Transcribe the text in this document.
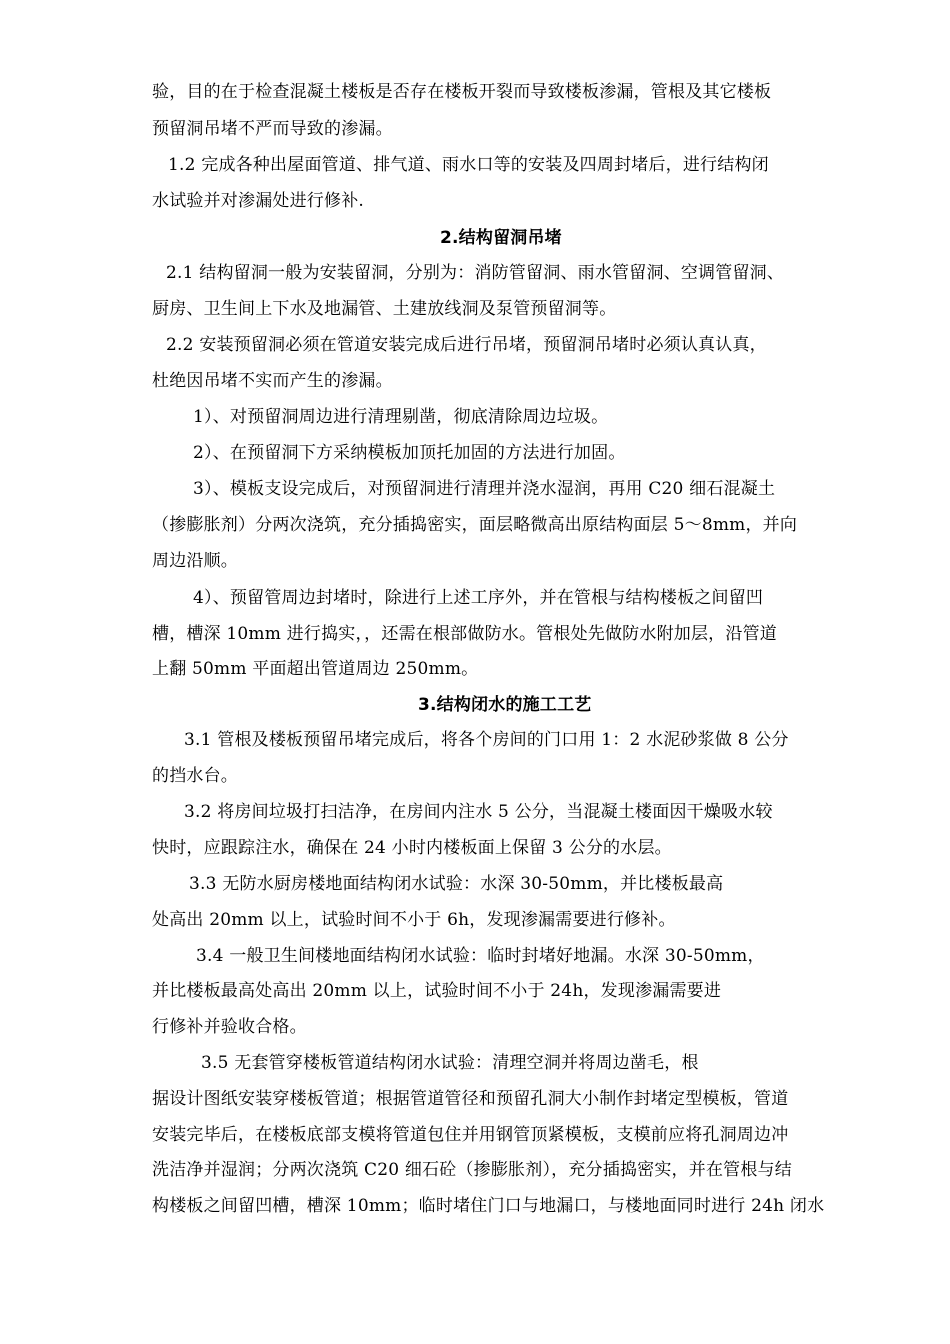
验，目的在于检查混凝土楼板是否存在楼板开裂而导致楼板渗漏，管根及其它楼板
预留洞吊堵不严而导致的渗漏。
1.2 完成各种出屋面管道、排气道、雨水口等的安装及四周封堵后，进行结构闭
水试验并对渗漏处进行修补.
2.结构留洞吊堵
2.1 结构留洞一般为安装留洞，分别为：消防管留洞、雨水管留洞、空调管留洞、
厨房、卫生间上下水及地漏管、土建放线洞及泵管预留洞等。
2.2 安装预留洞必须在管道安装完成后进行吊堵，预留洞吊堵时必须认真认真，
杜绝因吊堵不实而产生的渗漏。
1）、对预留洞周边进行清理剔凿，彻底清除周边垃圾。
2）、在预留洞下方采纳模板加顶托加固的方法进行加固。
3）、模板支设完成后，对预留洞进行清理并浇水湿润，再用 C20 细石混凝土
（掺膨胀剂）分两次浇筑，充分插捣密实，面层略微高出原结构面层 5～8mm，并向
周边沿顺。
4）、预留管周边封堵时，除进行上述工序外，并在管根与结构楼板之间留凹
槽，槽深 10mm 进行捣实，，还需在根部做防水。管根处先做防水附加层，沿管道
上翻 50mm 平面超出管道周边 250mm。
3.结构闭水的施工工艺
3.1 管根及楼板预留吊堵完成后，将各个房间的门口用 1：2 水泥砂浆做 8 公分
的挡水台。
3.2 将房间垃圾打扫洁净，在房间内注水 5 公分，当混凝土楼面因干燥吸水较
快时，应跟踪注水，确保在 24 小时内楼板面上保留 3 公分的水层。
3.3 无防水厨房楼地面结构闭水试验：水深 30-50mm，并比楼板最高
处高出 20mm 以上，试验时间不小于 6h，发现渗漏需要进行修补。
3.4 一般卫生间楼地面结构闭水试验：临时封堵好地漏。水深 30-50mm，
并比楼板最高处高出 20mm 以上，试验时间不小于 24h，发现渗漏需要进
行修补并验收合格。
3.5 无套管穿楼板管道结构闭水试验：清理空洞并将周边凿毛，根
据设计图纸安装穿楼板管道；根据管道管径和预留孔洞大小制作封堵定型模板，管道
安装完毕后，在楼板底部支模将管道包住并用钢管顶紧模板，支模前应将孔洞周边冲
洗洁净并湿润；分两次浇筑 C20 细石砼（掺膨胀剂），充分插捣密实，并在管根与结
构楼板之间留凹槽，槽深 10mm；临时堵住门口与地漏口，与楼地面同时进行 24h 闭水
